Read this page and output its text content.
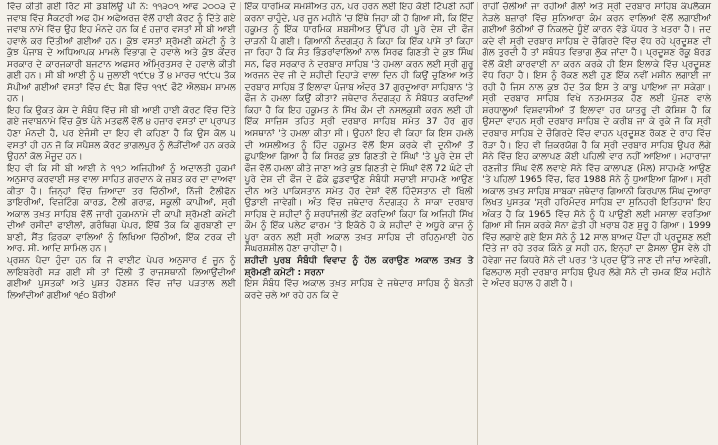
ਵਿੱਚ ਕੀਤੀ ਗਈ ਰਿੱਟ ਸੀ ਡਬਲਿਊ ਪੀ ਨੰ: ੧੧੩੦੧ ਆਫ ੨੦੦੩ ਦੇ ਜਵਾਬ ਵਿੱਚ ਸੈਕਟਰੀ ਅਫ ਹੋਮ ਅਫੇਅਰਜ਼ ਵੱਲੋਂ ਹਾਈ ਕੋਰਟ ਨੂੰ ਦਿੱਤੇ ਗਏ ਜਵਾਬ ਨਾਮੇ ਵਿੱਚ ਉਹ ਇਹ ਮੰਨਦੇ ਹਨ ਕਿ ੬ ਹਜ਼ਾਰ ਵਸਤਾਂ ਸੀ ਬੀ ਆਈ ਹਵਾਲੇ ਕਰ ਦਿੱਤੀਆਂ ਗਈਆਂ ਹਨ। ਕੁੱਝ ਵਸਤਾਂ ਸ਼੍ਰੋਮਣੀ ਕਮੇਟੀ ਨੂੰ ਤੇ ਕੁੱਝ ਪੰਜਾਬ ਦੇ ਅਧਿਆਪਕ ਮਾਮਲੇ ਵਿਭਾਗ ਦੇ ਹਵਾਲੇ ਅਤੇ ਕੁੱਝ ਕੇਂਦਰ ਸਰਕਾਰ ਦੇ ਕਾਰਜਕਾਰੀ ਬਜਟਾਨ ਅਫਸਰ ਅੰਮ੍ਰਿਤਸਰ ਦੇ ਹਵਾਲੇ ਕੀਤੀ ਗਈ ਹਨ। ਸੀ ਬੀ ਆਈ ਨੂੰ ੫ ਜੁਲਾਈ ੧੯੮੪ ਤੋਂ ੪ ਮਾਰਚ ੧੯੮੫ ਤੱਕ ਸੋਪੀਆਂ ਗਈਆਂ ਵਸਤਾਂ ਵਿੱਚ ੬੮ ਬੈਗ ਵਿੱਚ ੧੧੯ ਫੌਟੋ ਐਲਬਮ ਸ਼ਾਮਲ ਹਨ।

ਇਹ ਕਿ ਉਕਤ ਕੇਸ ਦੇ ਸੰਬੰਧ ਵਿੱਚ ਸੀ ਬੀ ਆਈ ਹਾਈ ਕੋਰਟ ਵਿੱਚ ਦਿੱਤੇ ਗਏ ਜਵਾਬਨਾਮੇ ਵਿੱਚ ਕੁੱਝ ਪੰਨੇ ਮਤਫਲੋਂ ਵੱਲੋਂ ੪ ਹਜ਼ਾਰ ਵਸਤਾਂ ਦਾ ਪ੍ਰਾਪਤ ਹੋਣਾ ਮੰਨਦੀ ਹੈ, ਪਰ ਏਜੰਸੀ ਦਾ ਇਹ ਵੀ ਕਹਿਣਾ ਹੈ ਕਿ ਉਸ ਕੋਲ ੫ ਵਸਤਾਂ ਹੀ ਹਨ ਜੋ ਕਿ ਸਪੈਸ਼ਲ ਕੋਰਟ ਭਾਗਲਪੁਰ ਨੂੰ ਲੋੜੀਂਦੀਆਂ ਹਨ ਕਰਕੇ ਉਹਨਾਂ ਕੋਲ ਮੌਜੂਦ ਹਨ।

ਇਹ ਵੀ ਕਿ ਸੀ ਬੀ ਆਈ ਨੇ ੧੧੭ ਅਜਿਹੀਆਂ ਨੂੰ ਅਦਾਲਤੀ ਹੁਕਮਾਂ ਅਨੁਸਾਰ ਕਰਵਾਈ ਸਭ ਵਾਲਾ ਸਾਹਿਤ ਗਰਦਾਨ ਕੇ ਜ਼ਬਤ ਕਰ ਦਾ ਦਾਅਵਾ ਕੀਤਾ ਹੈ। ਜਿਨ੍ਹਾਂ ਵਿੱਚ ਜ਼ਿਆਦਾ ਤਰ ਚਿੱਠੀਆਂ, ਨਿੱਜੀ ਟੈਲੀਫੋਨ ਡਾਇਰੀਆਂ, ਵਿਜ਼ਟਿੰਗ ਕਾਰਡ, ਟੈਲੀ ਗਰਾਫ਼, ਸਕੂਲੀ ਕਾਪੀਆਂ, ਸ੍ਰੀ ਅਕਾਲ ਤਖ਼ਤ ਸਾਹਿਬ ਵੱਲੋਂ ਜਾਰੀ ਹੁਕਮਨਾਮੇ ਦੀ ਕਾਪੀ ਸ਼੍ਰੋਮਣੀ ਕਮੇਟੀ ਦੀਆਂ ਰਸੀਦਾਂ ਫਾਈਲਾਂ, ਗਰੰਥਿਗ ਪੇਪਰ, ਇੱਥੋਂ ਤੱਕ ਕਿ ਗੁਰਬਾਣੀ ਦਾ ਬਾਣੀ, ਸੈਂਤ ਫ਼ਿਰਕਾ ਵਾਲਿਆਂ ਨੂੰ ਲਿਖਿਆ ਚਿੱਠੀਆਂ, ਇੱਕ ਟਰਕ ਦੀ ਆਰ. ਸੀ. ਆਦਿ ਸ਼ਾਮਿਲ ਹਨ।

ਪ੍ਰਸ਼ਨ ਪੈਦਾ ਹੁੰਦਾ ਹਨ ਕਿ ਜੋ ਵਾਈਟ ਪੇਪਰ ਅਨੁਸਾਰ ੬ ਜੂਨ ਨੂੰ ਲਾਇਬਰੇਰੀ ਸੜ ਗਈ ਸੀ ਤਾਂ ਦਿੱਲੀ ਤੋਂ ਰਾਜਸਥਾਨੀ ਲਿਆਉਂਦੀਆਂ ਗਈਆਂ ਪੁਸਤਕਾਂ ਅਤੇ ਪੁਸ਼ਤ ਹੋਣਸ਼ਨ ਵਿੱਚ ਜਾਂਚ ਪੜਤਾਲ ਲਈ ਲਿਆਂਦੀਆਂ ਗਈਆਂ ੧੬੦ ਬੋਰੀਆਂ

ਇੱਕ ਧਾਰਮਿਕ ਸਮਸ਼ੀਅਤ ਹਨ, ਪਰ ਹਰਨ ਲਈ ਇਹ ਕੋਈ ਟਿੱਪਣੀ ਨਹੀਂ ਕਰਨਾ ਚਾਹੁੰਦੇ, ਪਰ ਜੂਨ ਮਹੀਨੇ 'ਚ ਇੱਥੇ ਜਿਹਾ ਕੀ ਹੋ ਗਿਆ ਸੀ, ਕਿ ਇੱਦ ਹਕੂਮਤ ਨੂੰ ਇੱਕ ਧਾਰਮਿਕ ਸ਼ਬਸੀਅਤ ਉੱਪਰ ਹੀ ਪੂਰੇ ਦੇਸ਼ ਦੀ ਫੌਜ ਚਾੜਨੀ ਪੈ ਗਈ। ਗਿਆਨੀ ਨੰਦਗੜ੍ਹ ਨੇ ਕਿਹਾ ਕਿ ਇੱਕ ਪਾਸੇ ਤਾਂ ਕਿਹਾ ਜਾ ਰਿਹਾ ਹੈ ਕਿ ਸੰਤ ਭਿੰਡਰਾਂਵਾਲਿਆਂ ਨਾਲ ਸਿਰਫ ਗਿਣਤੀ ਦੇ ਕੁਝ ਸਿੰਘ ਸਨ, ਫਿਰ ਸਰਕਾਰ ਨੇ ਦਰਬਾਰ ਸਾਹਿਬ 'ਤੇ ਹਮਲਾ ਕਰਨ ਲਈ ਸ੍ਰੀ ਗੁਰੂ ਅਰਜਨ ਦੇਵ ਜੀ ਦੇ ਸ਼ਹੀਦੀ ਦਿਹਾੜੇ ਵਾਲਾ ਦਿਨ ਹੀ ਕਿਉਂ ਚੁਣਿਆ ਅਤੇ ਦਰਬਾਰ ਸਾਹਿਬ ਤੋਂ ਇਲਾਵਾ ਪੰਜਾਬ ਅੰਦਰ 37 ਗੁਰਦੁਆਰਾ ਸਾਹਿਬਾਨ 'ਤੇ ਫੌਜ ਨੇ ਹਮਲਾ ਕਿਉਂ ਕੀਤਾ? ਜਥੇਦਾਰ ਨੰਦਗੜ੍ਹ ਨੇ ਸੰਬੋਧਤ ਕਰਦਿਆਂ ਕਿਹਾ ਹੈ ਕਿ ਇਹ ਹਕੂਮਤ ਨੇ ਸਿੱਖ ਕੌਮ ਦੀ ਨਸਲਕੁਸ਼ੀ ਕਰਨ ਲਈ ਹੀ ਇੱਕ ਸਾਜ਼ਿਸ ਤਹਿਤ ਸ੍ਰੀ ਦਰਬਾਰ ਸਾਹਿਬ ਸਮੇਤ 37 ਹੋਰ ਗੁਰ ਅਸਥਾਨਾਂ 'ਤੇ ਹਮਲਾ ਕੀਤਾ ਸੀ। ਉਹਨਾਂ ਇਹ ਵੀ ਕਿਹਾ ਕਿ ਇਸ ਹਮਲੇ ਦੀ ਅਸਲੀਅਤ ਨੂੰ ਹਿੰਦ ਹਕੂਮਤ ਵੱਲੋਂ ਇਸ ਕਰਕੇ ਵੀ ਦੁਨੀਆਂ ਤੋਂ ਛੁਪਾਇਆ ਗਿਆ ਹੈ ਕਿ ਸਿਰਫ਼ ਕੁਝ ਗਿਣਤੀ ਦੇ ਸਿੰਘਾਂ 'ਤੇ ਪੂਰੇ ਦੇਸ਼ ਦੀ ਫੌਜ ਵੱਲੋਂ ਹਮਲਾ ਕੀਤੇ ਜਾਣਾ ਅਤੇ ਕੁਝ ਗਿਣਤੀ ਦੇ ਸਿੰਘਾਂ ਵੱਲੋਂ 72 ਘੰਟੇ ਦੀ ਪੂਰੇ ਦੇਸ਼ ਦੀ ਫੌਜ ਦੇ ਛੱਕੇ ਛੁਡਵਾਉਣ ਸੰਬੰਧੀ ਸਚਾਈ ਸਾਹਮਣੇ ਆਉਣ ਦੀਨ ਅਤੇ ਪਾਕਿਸਤਾਨ ਸਮੇਤ ਹੋਰ ਦੇਸ਼ਾਂ ਵੱਲੋਂ ਹਿੰਦੋਸਤਾਨ ਦੀ ਖਿੱਲੀ ਉਡਾਈ ਜਾਵੇਗੀ। ਅੰਤ ਵਿੱਚ ਜਥੇਦਾਰ ਨੰਦਗੜ੍ਹ ਨੇ ਸਾਕਾ ਦਰਬਾਰ ਸਾਹਿਬ ਦੇ ਸ਼ਹੀਦਾਂ ਨੂੰ ਸ਼ਰਧਾਂਜਲੀ ਭੇਂਟ ਕਰਦਿਆਂ ਕਿਹਾ ਕਿ ਅਜਿਹੀ ਸਿੱਖ ਕੌਮ ਨੂੰ ਇੱਕ ਪਲੇਟ ਫਾਰਮ 'ਤੇ ਇਕੱਠੇ ਹੋ ਕੇ ਸ਼ਹੀਦਾਂ ਦੇ ਅਧੂਰੇ ਕਾਜ ਨੂੰ ਪੂਰਾ ਕਰਨ ਲਈ ਸ੍ਰੀ ਅਕਾਲ ਤਖ਼ਤ ਸਾਹਿਬ ਦੀ ਰਹਿਨੁਮਾਈ ਹੇਠ ਸੰਘਰਸ਼ਸ਼ੀਲ ਹੋਣਾ ਚਾਹੀਦਾ ਹੈ।

ਸ਼ਹੀਦੀ ਪੁਰਬ ਸੰਬੰਧੀ ਵਿਵਾਦ ਨੂੰ ਹੱਲ ਕਰਾਉਣ ਅਕਾਲ ਤਖ਼ਤ ਤੇ ਸ਼੍ਰੋਮਣੀ ਕਮੇਟੀ : ਸਰਨਾ

ਇਸ ਸੰਬੰਧ ਵਿੱਚ ਅਕਾਲ ਤਖ਼ਤ ਸਾਹਿਬ ਦੇ ਜਥੇਦਾਰ ਸਾਹਿਬ ਨੂੰ ਬੇਨਤੀ ਕਰਦੇ ਚਲੇ ਆ ਰਹੇ ਹਨ ਕਿ ਦੇ

ਰਾਹੀਂ ਚੱਲੀਆਂ ਜਾ ਰਹੀਆਂ ਗੱਲਾਂ ਅਤੇ ਸ੍ਰੀ ਦਰਬਾਰ ਸਾਹਿਬ ਕੰਪਲੈਕਸ ਨੇੜਲੇ ਬਜ਼ਾਰਾਂ ਵਿੱਚ ਸੁਨਿਆਰਾ ਕੰਮ ਕਰਨ ਵਾਲਿਆਂ ਵੱਲੋਂ ਲਗਾਈਆਂ ਗਈਆਂ ਭੱਠੀਆਂ ਚੋਂ ਨਿਕਲਦੇ ਧੂੰਏਂ ਕਾਰਨ ਵੱਡੇ ਪੱਧਰ ਤੇ ਖਤਰਾ ਹੈ। ਜਦ ਕਦੇ ਵੀ ਸ੍ਰੀ ਦਰਬਾਰ ਸਾਹਿਬ ਦੇ ਚੌਗਿਰਦੇ ਵਿੱਚ ਵੱਧ ਰਹੇ ਪ੍ਰਦੂਸ਼ਣ ਦੀ ਗੱਲ ਤੁਰਦੀ ਹੈ ਤਾਂ ਸਬੰਧਤ ਵਿਭਾਗ ਲੁੱਕ ਜਾਂਦਾ ਹੈ। ਪ੍ਰਦੂਸ਼ਣ ਰੋਕੂ ਬੋਰਡ ਵੱਲੋਂ ਕੋਈ ਕਾਰਵਾਈ ਨਾ ਕਰਨ ਕਰਕੇ ਹੀ ਇਸ ਇਲਾਕੇ ਵਿੱਚ ਪ੍ਰਦੂਸ਼ਣ ਵੱਧ ਰਿਹਾ ਹੈ। ਇਸ ਨੂੰ ਰੋਕਣ ਲਈ ਹੁਣ ਇੱਕ ਨਵੀਂ ਮਸ਼ੀਨ ਲਗਾਈ ਜਾ ਰਹੀ ਹੈ ਜਿਸ ਨਾਲ ਕੁਝ ਹੱਦ ਤੱਕ ਇਸ ਤੇ ਕਾਬੂ ਪਾਇਆ ਜਾ ਸਕੇਗਾ। ਸ੍ਰੀ ਦਰਬਾਰ ਸਾਹਿਬ ਵਿਖੇ ਨਤਮਸਤਕ ਹੋਣ ਲਈ ਪੁੱਜਣ ਵਾਲੇ ਸ਼ਰਧਾਲੂਆਂ ਵਿਸ਼ਵਾਸੀਆਂ ਤੋਂ ਇਲਾਵਾ ਹਰ ਯਾਤਰੂ ਦੀ ਕੋਸ਼ਿਸ਼ ਹੈ ਕਿ ਉਸਦਾ ਵਾਹਨ ਸ੍ਰੀ ਦਰਬਾਰ ਸਾਹਿਬ ਦੇ ਕਰੀਬ ਜਾ ਕੇ ਰੁਕੇ ਜੋ ਕਿ ਸ੍ਰੀ ਦਰਬਾਰ ਸਾਹਿਬ ਦੇ ਚੌਗਿਰਦੇ ਵਿੱਚ ਵਾਹਨ ਪ੍ਰਦੂਸ਼ਣ ਰੋਕਣ ਦੇ ਰਾਹ ਵਿੱਚ ਰੋੜਾ ਹੈ। ਇਹ ਵੀ ਜ਼ਿਕਰਯੋਗ ਹੈ ਕਿ ਸ੍ਰੀ ਦਰਬਾਰ ਸਾਹਿਬ ਉਪਰ ਲੱਗੇ ਸੋਨੇ ਵਿੱਚ ਇਹ ਕਾਲਾਪਣ ਕੋਈ ਪਹਿਲੀ ਵਾਰ ਨਹੀਂ ਆਇਆ। ਮਹਾਰਾਜਾ ਰਣਜੀਤ ਸਿੰਘ ਵੱਲੋਂ ਲਵਾਏ ਸੋਨੇ ਵਿੱਚ ਕਾਲਾਪਣ (ਮੈਲ) ਸਾਹਮਣੇ ਆਉਣ 'ਤੇ ਪਹਿਲਾਂ 1965 ਵਿੱਚ, ਫਿਰ 1988 ਸੋਨੇ ਨੂੰ ਧੁਆਇਆ ਗਿਆ। ਸ੍ਰੀ ਅਕਾਲ ਤਖ਼ਤ ਸਾਹਿਬ ਸਾਬਕਾ ਜਥੇਦਾਰ ਗਿਆਨੀ ਕਿਰਪਾਲ ਸਿੰਘ ਦੁਆਰਾ ਲਿਖਤ ਪੁਸਤਕ 'ਸ੍ਰੀ ਹਰਿਮੰਦਰ ਸਾਹਿਬ ਦਾ ਸੁਨਿਹਰੀ ਇਤਿਹਾਸ' ਇਹ ਅੰਕਤ ਹੈ ਕਿ 1965 ਵਿੱਚ ਸੋਨੇ ਨੂੰ ਧੋ ਪਾਉਣੀ ਲਈ ਮਸਾਲਾ ਵਰਤਿਆ ਗਿਆ ਸੀ ਜਿਸ ਕਰਕੇ ਸੋਨਾ ਛੇਤੀ ਹੀ ਖ਼ਰਾਬ ਹੋਣ ਸ਼ੁਰੂ ਹੋ ਗਿਆ। 1999 ਵਿੱਚ ਲਗਾਏ ਗਏ ਇਸ ਸੋਨੇ ਨੂੰ 12 ਸਾਲ ਬਾਅਦ ਪੈਂਦਾ ਹੀ ਪ੍ਰਦੂਸ਼ਣ ਲਈ ਦਿੱਤੇ ਜਾ ਰਹੇ ਤਰਕ ਕਿੰਨੇ ਕੁ ਸਹੀ ਹਨ, ਇਨ੍ਹਾਂ ਦਾ ਫ਼ੈਸਲਾ ਉਸ ਵੇਲੇ ਹੀ ਹੋਵੇਗਾ ਜਦ ਕਿਧਰੇ ਸੋਨੇ ਦੀ ਪਰਤ 'ਤੇ ਪ੍ਰਦ ਉੱਤੇ ਜਾਣ ਦੀ ਜਾਂਚ ਆਵੇਗੀ, ਫਿਲਹਾਲ ਸ੍ਰੀ ਦਰਬਾਰ ਸਾਹਿਬ ਉਪਰ ਲੱਗੇ ਸੋਨੇ ਦੀ ਚਮਕ ਇੱਕ ਮਹੀਨੇ ਦੇ ਅੰਦਰ ਬਹਾਲ ਹੋ ਗਈ ਹੈ।
